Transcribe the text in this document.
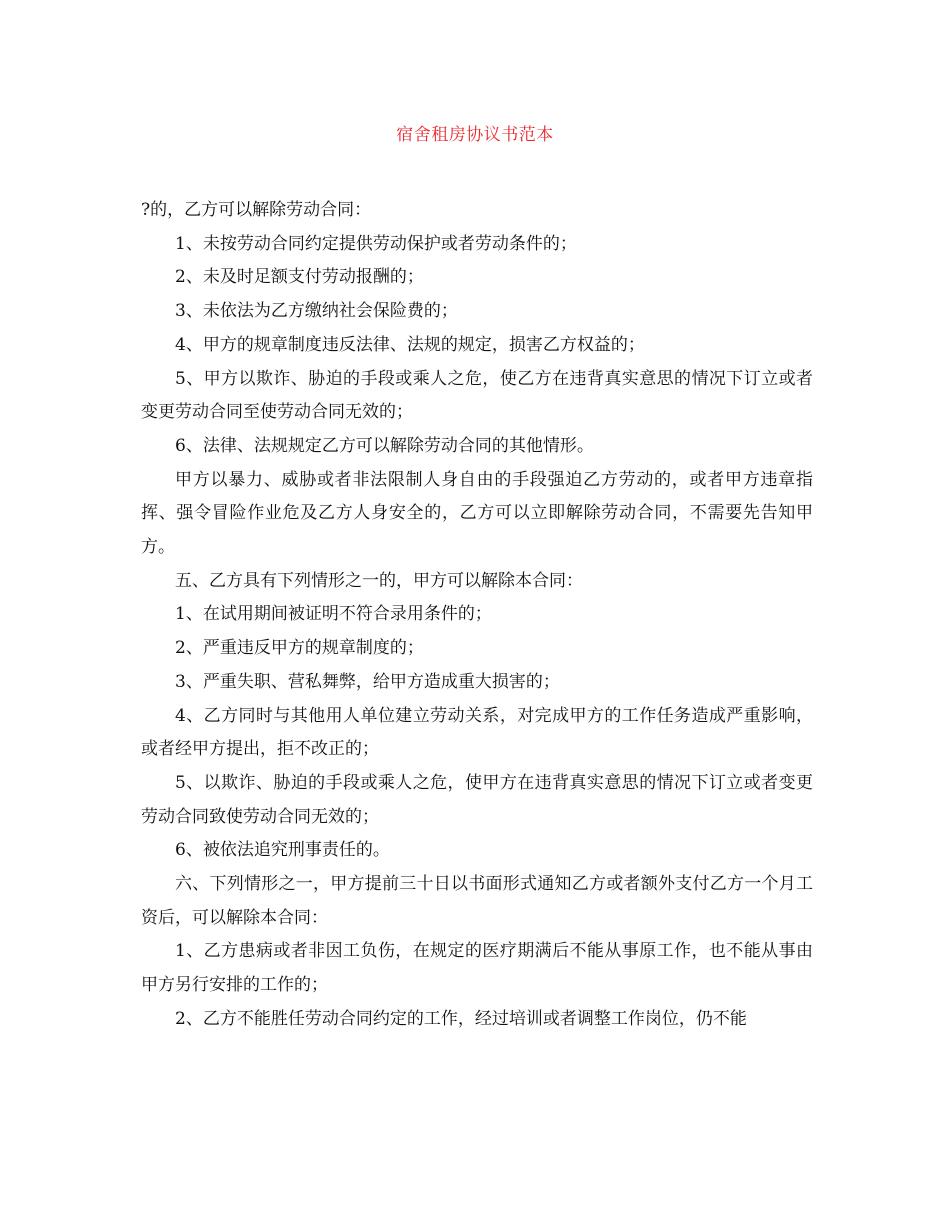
宿舍租房协议书范本

?的，乙方可以解除劳动合同：

1、未按劳动合同约定提供劳动保护或者劳动条件的；

2、未及时足额支付劳动报酬的；

3、未依法为乙方缴纳社会保险费的；

4、甲方的规章制度违反法律、法规的规定，损害乙方权益的；

5、甲方以欺诈、胁迫的手段或乘人之危，使乙方在违背真实意思的情况下订立或者变更劳动合同至使劳动合同无效的；

6、法律、法规规定乙方可以解除劳动合同的其他情形。

甲方以暴力、威胁或者非法限制人身自由的手段强迫乙方劳动的，或者甲方违章指挥、强令冒险作业危及乙方人身安全的，乙方可以立即解除劳动合同，不需要先告知甲方。

五、乙方具有下列情形之一的，甲方可以解除本合同：

1、在试用期间被证明不符合录用条件的；

2、严重违反甲方的规章制度的；

3、严重失职、营私舞弊，给甲方造成重大损害的；

4、乙方同时与其他用人单位建立劳动关系，对完成甲方的工作任务造成严重影响，或者经甲方提出，拒不改正的；

5、以欺诈、胁迫的手段或乘人之危，使甲方在违背真实意思的情况下订立或者变更劳动合同致使劳动合同无效的；

6、被依法追究刑事责任的。

六、下列情形之一，甲方提前三十日以书面形式通知乙方或者额外支付乙方一个月工资后，可以解除本合同：

1、乙方患病或者非因工负伤，在规定的医疗期满后不能从事原工作，也不能从事由甲方另行安排的工作的；

2、乙方不能胜任劳动合同约定的工作，经过培训或者调整工作岗位，仍不能
